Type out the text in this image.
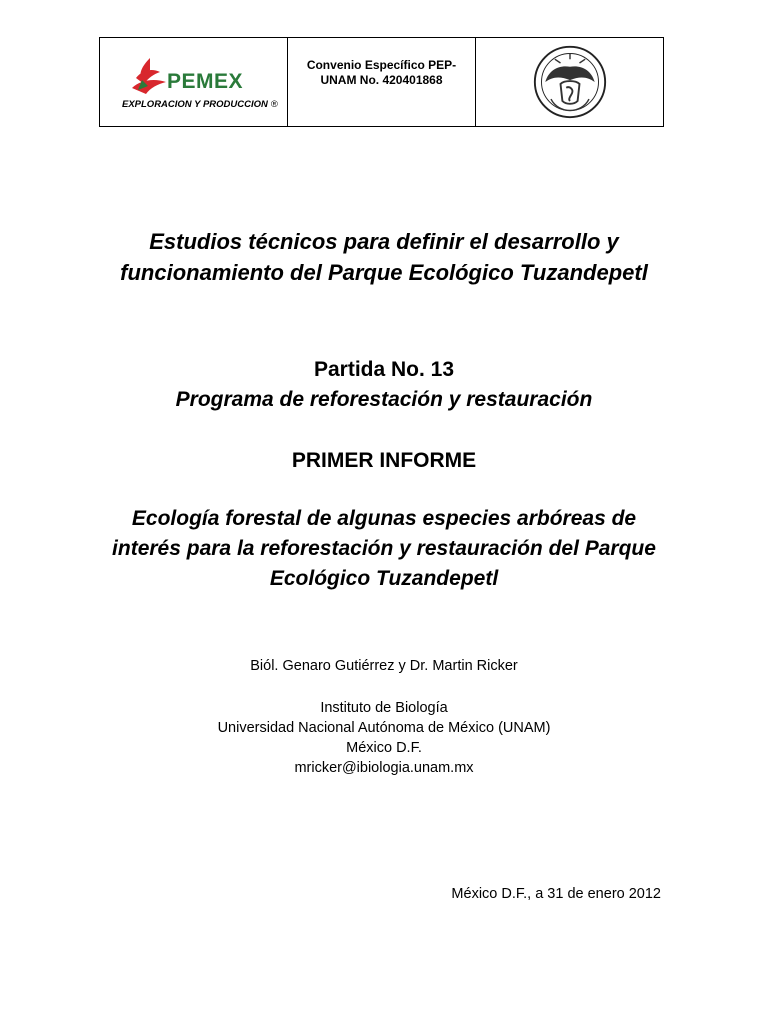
PEMEX
EXPLORACION Y PRODUCCION ®
Convenio Específico PEP-
UNAM No. 420401868
Estudios técnicos para definir el desarrollo y
funcionamiento del Parque Ecológico Tuzandepetl
Partida No. 13
Programa de reforestación y restauración
PRIMER INFORME
Ecología forestal de algunas especies arbóreas de
interés para la reforestación y restauración del Parque
Ecológico Tuzandepetl
Biól. Genaro Gutiérrez y Dr. Martin Ricker
Instituto de Biología
Universidad Nacional Autónoma de México (UNAM)
México D.F.
mricker@ibiologia.unam.mx
México D.F., a 31 de enero 2012
